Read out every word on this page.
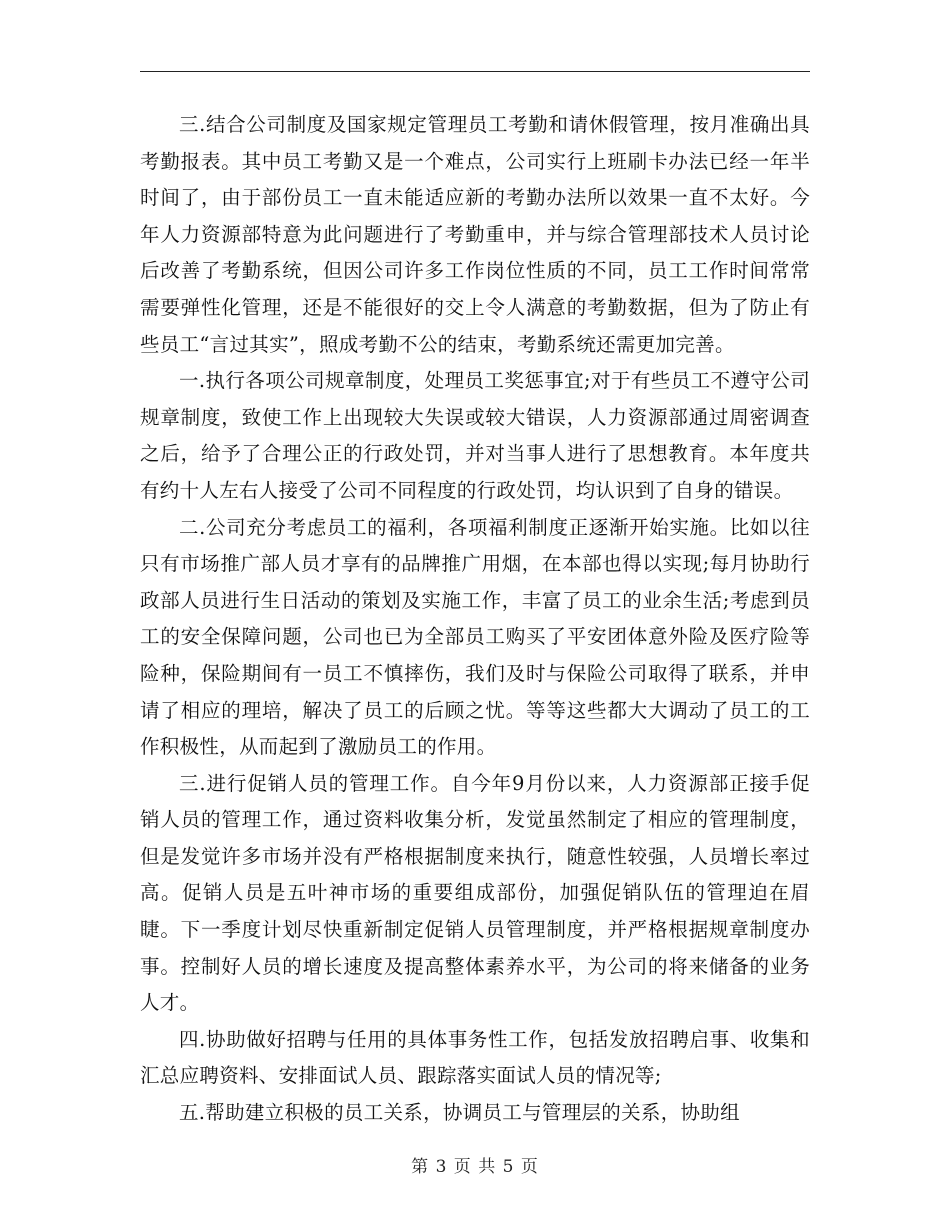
三.结合公司制度及国家规定管理员工考勤和请休假管理，按月准确出具考勤报表。其中员工考勤又是一个难点，公司实行上班刷卡办法已经一年半时间了，由于部份员工一直未能适应新的考勤办法所以效果一直不太好。今年人力资源部特意为此问题进行了考勤重申，并与综合管理部技术人员讨论后改善了考勤系统，但因公司许多工作岗位性质的不同，员工工作时间常常需要弹性化管理，还是不能很好的交上令人满意的考勤数据，但为了防止有些员工“言过其实”，照成考勤不公的结束，考勤系统还需更加完善。

一.执行各项公司规章制度，处理员工奖惩事宜;对于有些员工不遵守公司规章制度，致使工作上出现较大失误或较大错误，人力资源部通过周密调查之后，给予了合理公正的行政处罚，并对当事人进行了思想教育。本年度共有约十人左右人接受了公司不同程度的行政处罚，均认识到了自身的错误。

二.公司充分考虑员工的福利，各项福利制度正逐渐开始实施。比如以往只有市场推广部人员才享有的品牌推广用烟，在本部也得以实现;每月协助行政部人员进行生日活动的策划及实施工作，丰富了员工的业余生活;考虑到员工的安全保障问题，公司也已为全部员工购买了平安团体意外险及医疗险等险种，保险期间有一员工不慎摔伤，我们及时与保险公司取得了联系，并申请了相应的理培，解决了员工的后顾之忧。等等这些都大大调动了员工的工作积极性，从而起到了激励员工的作用。

三.进行促销人员的管理工作。自今年9月份以来，人力资源部正接手促销人员的管理工作，通过资料收集分析，发觉虽然制定了相应的管理制度，但是发觉许多市场并没有严格根据制度来执行，随意性较强，人员增长率过高。促销人员是五叶神市场的重要组成部份，加强促销队伍的管理迫在眉睫。下一季度计划尽快重新制定促销人员管理制度，并严格根据规章制度办事。控制好人员的增长速度及提高整体素养水平，为公司的将来储备的业务人才。

四.协助做好招聘与任用的具体事务性工作，包括发放招聘启事、收集和汇总应聘资料、安排面试人员、跟踪落实面试人员的情况等;

五.帮助建立积极的员工关系，协调员工与管理层的关系，协助组

第 3 页 共 5 页
